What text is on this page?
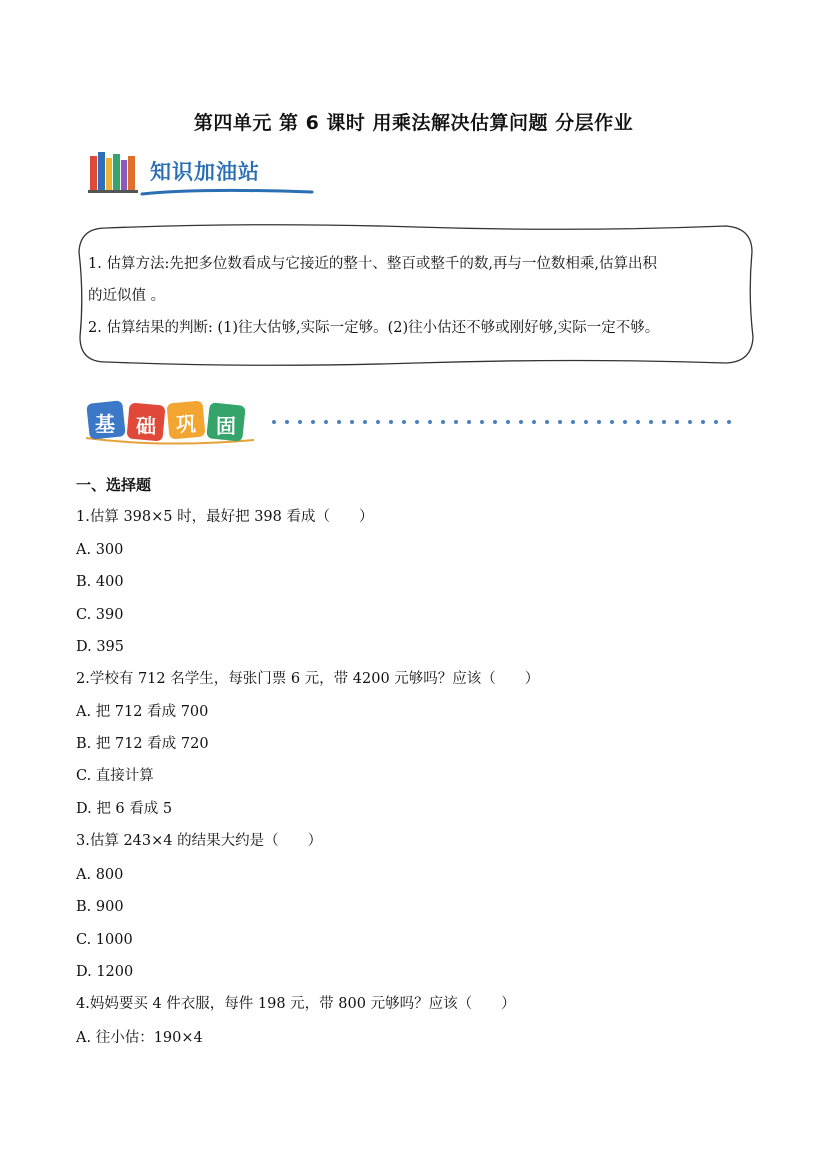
第四单元 第 6 课时 用乘法解决估算问题 分层作业
知识加油站
1. 估算方法:先把多位数看成与它接近的整十、整百或整千的数,再与一位数相乘,估算出积
的近似值 。
2. 估算结果的判断: (1)往大估够,实际一定够。(2)往小估还不够或刚好够,实际一定不够。
基 础 巩 固
一、选择题
1.估算 398×5 时，最好把 398 看成（　　）
A. 300
B. 400
C. 390
D. 395
2.学校有 712 名学生，每张门票 6 元，带 4200 元够吗？应该（　　）
A. 把 712 看成 700
B. 把 712 看成 720
C. 直接计算
D. 把 6 看成 5
3.估算 243×4 的结果大约是（　　）
A. 800
B. 900
C. 1000
D. 1200
4.妈妈要买 4 件衣服，每件 198 元，带 800 元够吗？应该（　　）
A. 往小估：190×4
